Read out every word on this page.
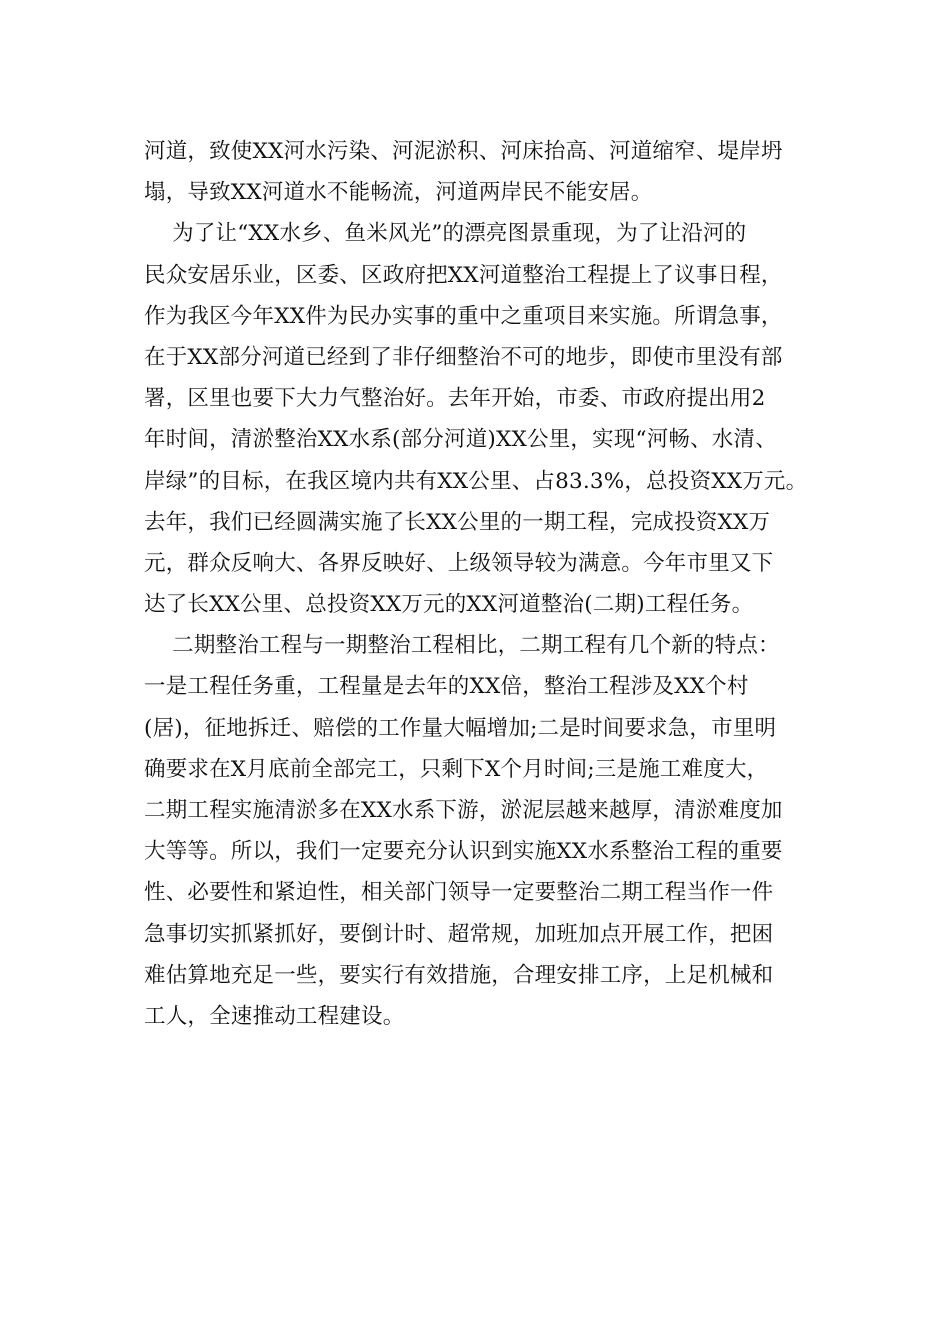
河道，致使XX河水污染、河泥淤积、河床抬高、河道缩窄、堤岸坍
塌，导致XX河道水不能畅流，河道两岸民不能安居。
为了让“XX水乡、鱼米风光”的漂亮图景重现，为了让沿河的
民众安居乐业，区委、区政府把XX河道整治工程提上了议事日程，
作为我区今年XX件为民办实事的重中之重项目来实施。所谓急事，
在于XX部分河道已经到了非仔细整治不可的地步，即使市里没有部
署，区里也要下大力气整治好。去年开始，市委、市政府提出用2
年时间，清淤整治XX水系(部分河道)XX公里，实现“河畅、水清、
岸绿”的目标，在我区境内共有XX公里、占83.3%，总投资XX万元。
去年，我们已经圆满实施了长XX公里的一期工程，完成投资XX万
元，群众反响大、各界反映好、上级领导较为满意。今年市里又下
达了长XX公里、总投资XX万元的XX河道整治(二期)工程任务。
二期整治工程与一期整治工程相比，二期工程有几个新的特点：
一是工程任务重，工程量是去年的XX倍，整治工程涉及XX个村
(居)，征地拆迁、赔偿的工作量大幅增加;二是时间要求急，市里明
确要求在X月底前全部完工，只剩下X个月时间;三是施工难度大，
二期工程实施清淤多在XX水系下游，淤泥层越来越厚，清淤难度加
大等等。所以，我们一定要充分认识到实施XX水系整治工程的重要
性、必要性和紧迫性，相关部门领导一定要整治二期工程当作一件
急事切实抓紧抓好，要倒计时、超常规，加班加点开展工作，把困
难估算地充足一些，要实行有效措施，合理安排工序，上足机械和
工人，全速推动工程建设。
